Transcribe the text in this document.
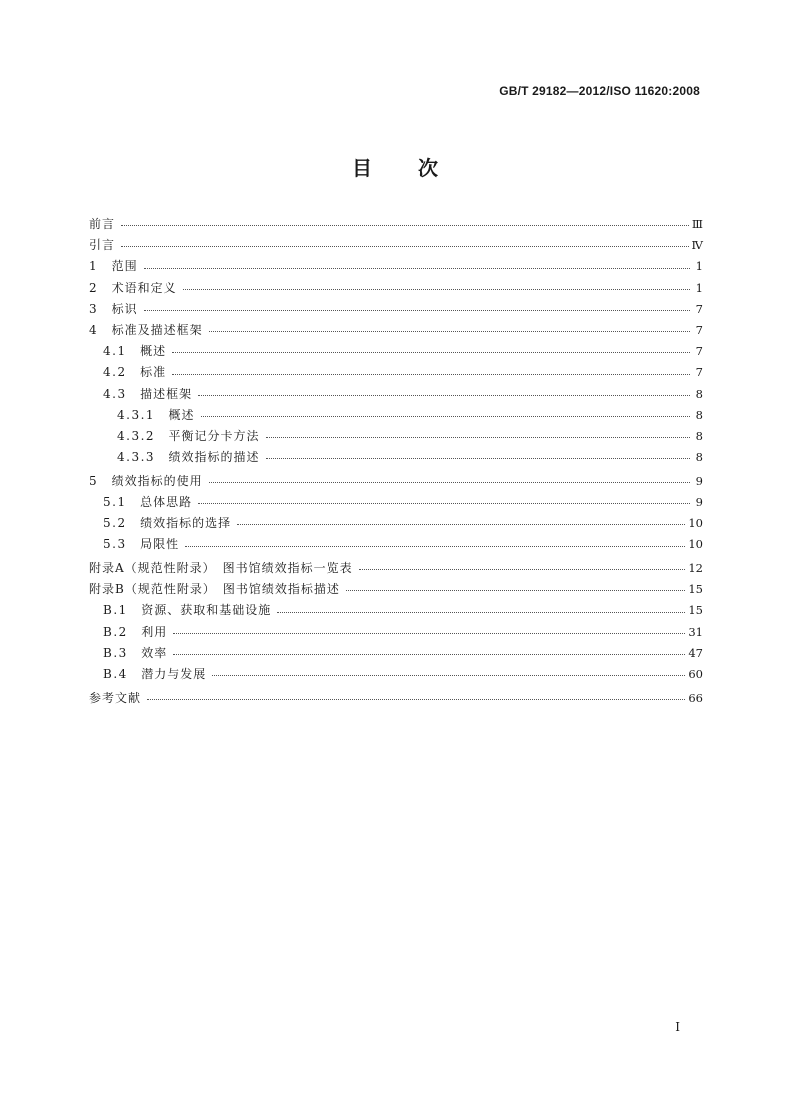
GB/T 29182—2012/ISO 11620:2008
目　　次
前言	Ⅲ
引言	Ⅳ
1　 范围	1
2　 术语和定义	1
3　 标识	7
4　 标准及描述框架	7
4.1　 概述	7
4.2　 标准	7
4.3　 描述框架	8
4.3.1　 概述	8
4.3.2　 平衡记分卡方法	8
4.3.3　 绩效指标的描述	8
5　 绩效指标的使用	9
5.1　 总体思路	9
5.2　 绩效指标的选择	10
5.3　 局限性	10
附录A（规范性附录）　图书馆绩效指标一览表	12
附录B（规范性附录）　图书馆绩效指标描述	15
B.1　 资源、获取和基础设施	15
B.2　 利用	31
B.3　 效率	47
B.4　 潜力与发展	60
参考文献	66
Ⅰ
